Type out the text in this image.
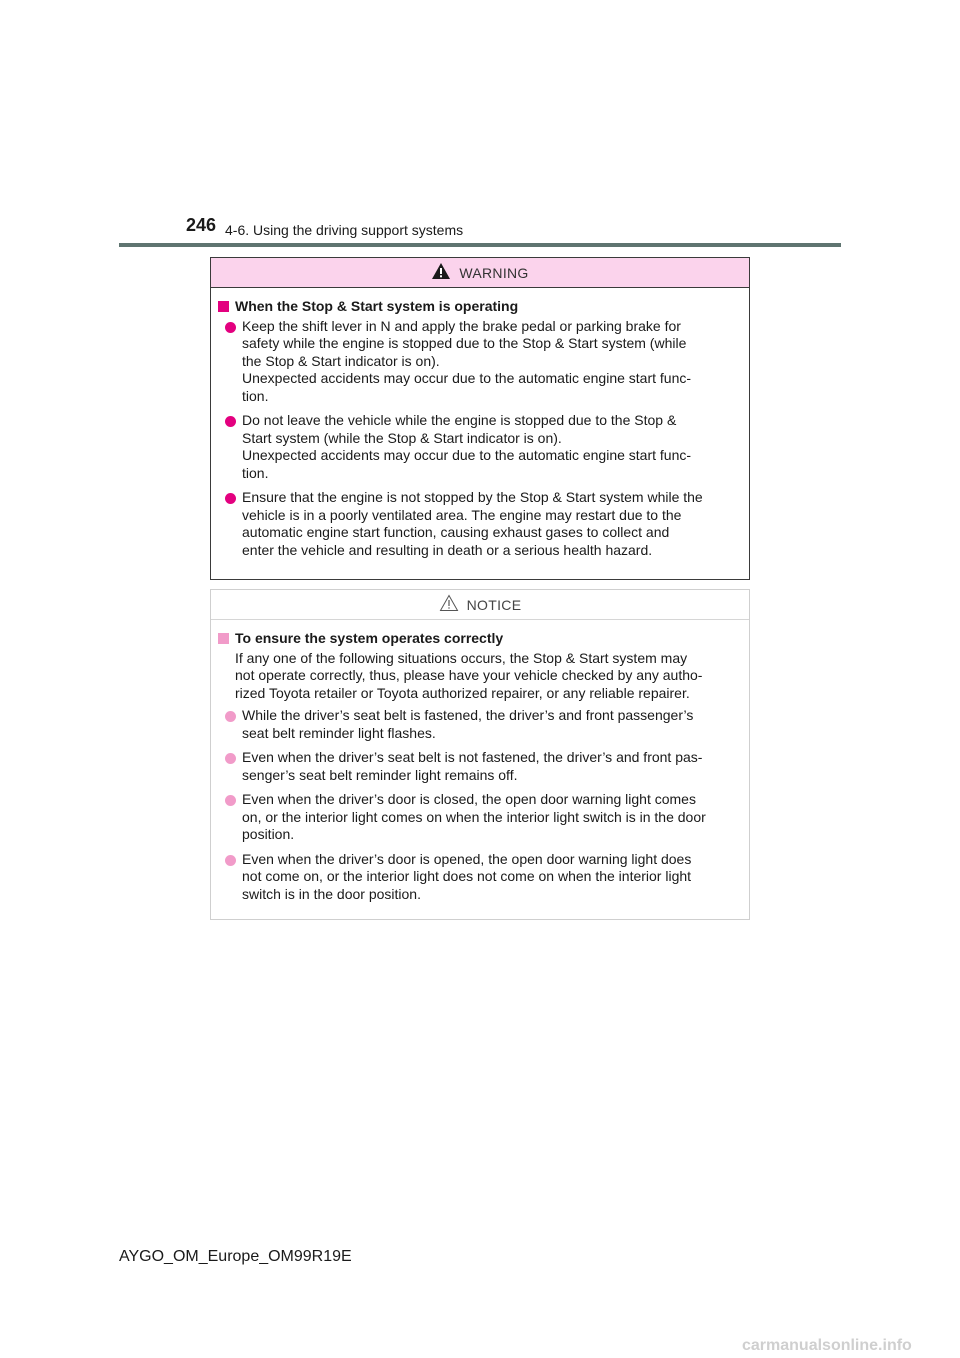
246 4-6. Using the driving support systems
WARNING
When the Stop & Start system is operating
Keep the shift lever in N and apply the brake pedal or parking brake for
safety while the engine is stopped due to the Stop & Start system (while
the Stop & Start indicator is on).
Unexpected accidents may occur due to the automatic engine start func-
tion.
Do not leave the vehicle while the engine is stopped due to the Stop &
Start system (while the Stop & Start indicator is on).
Unexpected accidents may occur due to the automatic engine start func-
tion.
Ensure that the engine is not stopped by the Stop & Start system while the
vehicle is in a poorly ventilated area. The engine may restart due to the
automatic engine start function, causing exhaust gases to collect and
enter the vehicle and resulting in death or a serious health hazard.
NOTICE
To ensure the system operates correctly
If any one of the following situations occurs, the Stop & Start system may
not operate correctly, thus, please have your vehicle checked by any autho-
rized Toyota retailer or Toyota authorized repairer, or any reliable repairer.
While the driver’s seat belt is fastened, the driver’s and front passenger’s
seat belt reminder light flashes.
Even when the driver’s seat belt is not fastened, the driver’s and front pas-
senger’s seat belt reminder light remains off.
Even when the driver’s door is closed, the open door warning light comes
on, or the interior light comes on when the interior light switch is in the door
position.
Even when the driver’s door is opened, the open door warning light does
not come on, or the interior light does not come on when the interior light
switch is in the door position.
AYGO_OM_Europe_OM99R19E
carmanualsonline.info
